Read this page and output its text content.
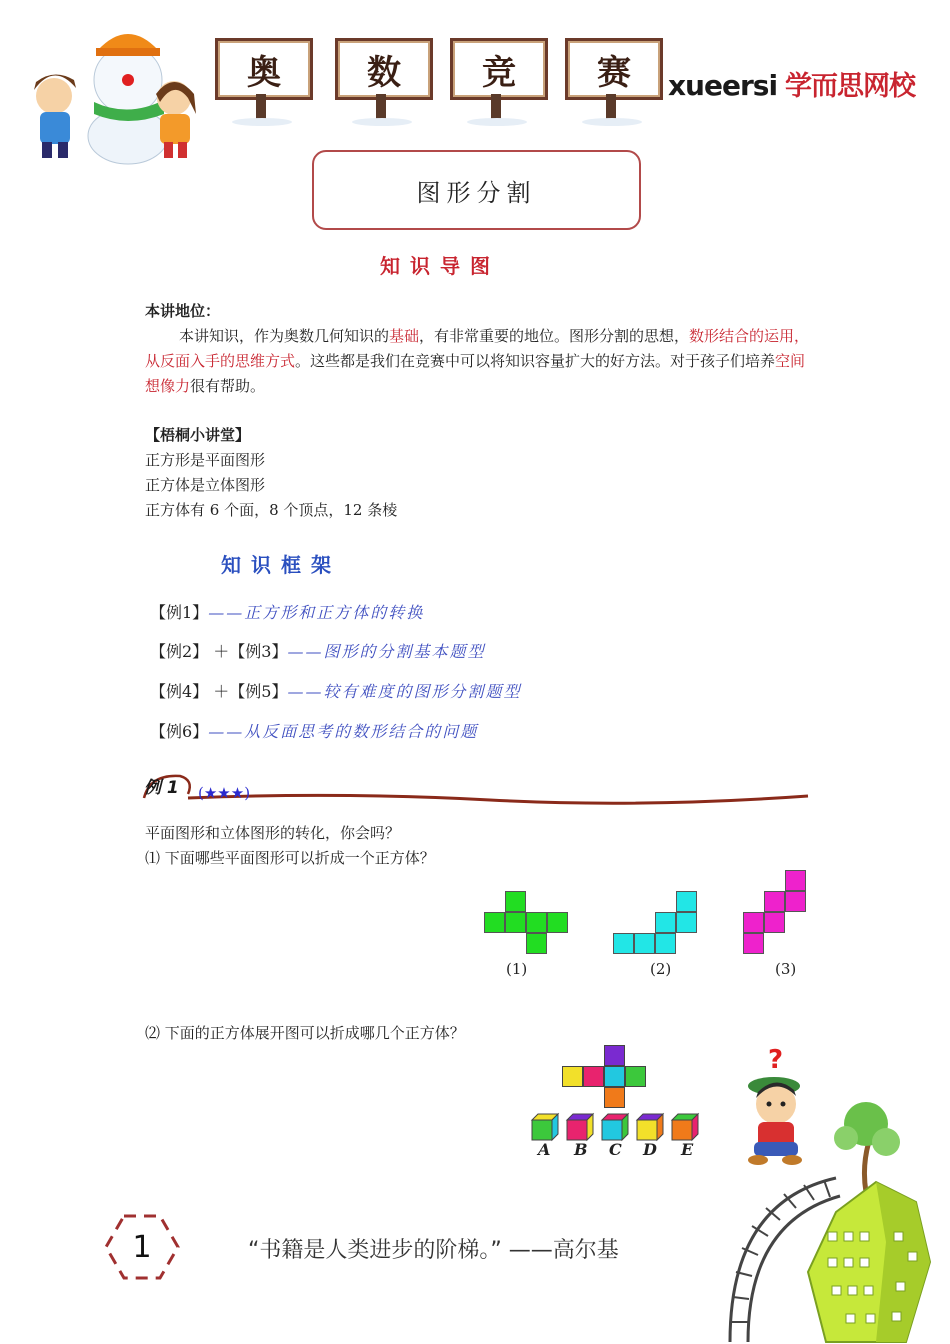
奥	数	竞	赛	xueersi 学而思网校
图形分割
知识导图
本讲地位：
本讲知识，作为奥数几何知识的基础，有非常重要的地位。图形分割的思想，数形结合的运用，从反面入手的思维方式。这些都是我们在竞赛中可以将知识容量扩大的好方法。对于孩子们培养空间想像力很有帮助。
【梧桐小讲堂】
正方形是平面图形
正方体是立体图形
正方体有 6 个面，8 个顶点，12 条棱
知识框架
【例1】——正方形和正方体的转换
【例2】 ＋【例3】——图形的分割基本题型
【例4】 ＋【例5】——较有难度的图形分割题型
【例6】——从反面思考的数形结合的问题
例 1 (★★★)
平面图形和立体图形的转化，你会吗？
⑴ 下面哪些平面图形可以折成一个正方体？
(1)	(2)	(3)
⑵ 下面的正方体展开图可以折成哪几个正方体？
A B C D E
?
1	“书籍是人类进步的阶梯。” ——高尔基
